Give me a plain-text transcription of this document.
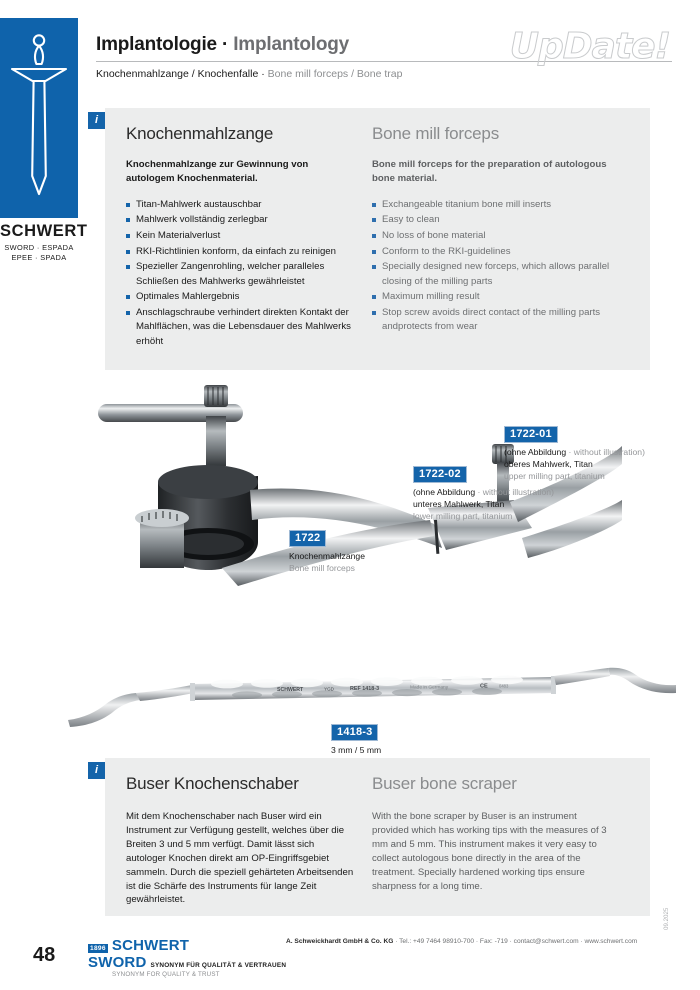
SCHWERT
SWORD · ESPADA
EPEE · SPADA
Implantologie · Implantology
Knochenmahlzange / Knochenfalle · Bone mill forceps / Bone trap
UpDate!
i
Knochenmahlzange
Knochenmahlzange zur Gewinnung von autologem Knochenmaterial.
Titan-Mahlwerk austauschbar
Mahlwerk vollständig zerlegbar
Kein Materialverlust
RKI-Richtlinien konform, da einfach zu reinigen
Spezieller Zangenrohling, welcher paralleles Schließen des Mahlwerks gewährleistet
Optimales Mahlergebnis
Anschlagschraube verhindert direkten Kontakt der Mahlflächen, was die Lebensdauer des Mahlwerks erhöht
Bone mill forceps
Bone mill forceps for the preparation of autologous bone material.
Exchangeable titanium bone mill inserts
Easy to clean
No loss of bone material
Conform to the RKI-guidelines
Specially designed new forceps, which allows parallel closing of the milling parts
Maximum milling result
Stop screw avoids direct contact of the milling parts andprotects from wear
1722-01
(ohne Abbildung · without illustration)
oberes Mahlwerk, Titan
upper milling part, titanium
1722-02
(ohne Abbildung · without illustration)
unteres Mahlwerk, Titan
lower milling part, titanium
1722
Knochenmahlzange
Bone mill forceps
SCHWERT	YGD	REF 1418-3	Made in Germany	CE	0483
1418-3
3 mm / 5 mm
i
Buser Knochenschaber
Mit dem Knochenschaber nach Buser wird ein Instrument zur Verfügung gestellt, welches über die Breiten 3 und 5 mm verfügt. Damit lässt sich autologer Knochen direkt am OP-Eingriffsgebiet sammeln. Durch die speziell gehärteten Arbeitsenden ist die Schärfe des Instruments für lange Zeit gewährleistet.
Buser bone scraper
With the bone scraper by Buser is an instrument provided which has working tips with the measures of 3 mm and 5 mm. This instrument makes it very easy to collect autologous bone directly in the area of the treatment. Specially hardened working tips ensure sharpness for a long time.
48	1896 SCHWERT
SWORD SYNONYM FÜR QUALITÄT & VERTRAUEN
SYNONYM FOR QUALITY & TRUST
A. Schweickhardt GmbH & Co. KG · Tel.: +49 7464 98910-700 · Fax: -719 · contact@schwert.com · www.schwert.com
09.2025
